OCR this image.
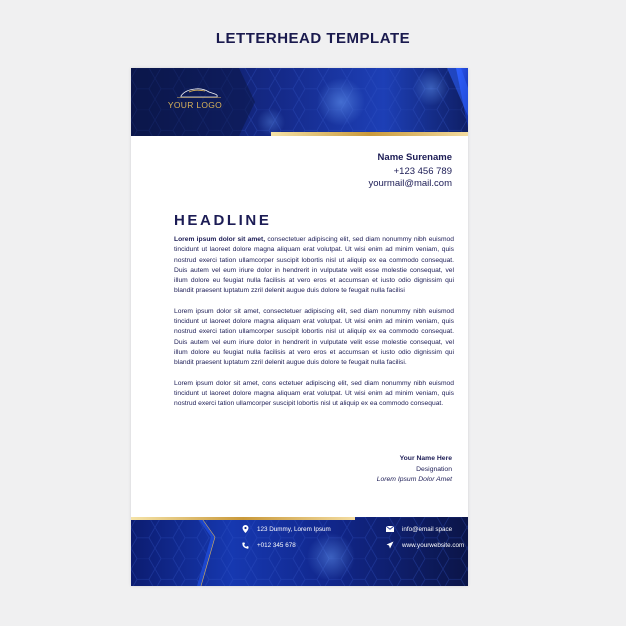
LETTERHEAD TEMPLATE
YOUR LOGO
Name Surename
+123 456 789
yourmail@mail.com
HEADLINE

Lorem ipsum dolor sit amet, consectetuer adipiscing elit, sed diam nonummy nibh euismod tincidunt ut laoreet dolore magna aliquam erat volutpat. Ut wisi enim ad minim veniam, quis nostrud exerci tation ullamcorper suscipit lobortis nisl ut aliquip ex ea commodo consequat. Duis autem vel eum iriure dolor in hendrerit in vulputate velit esse molestie consequat, vel illum dolore eu feugiat nulla facilisis at vero eros et accumsan et iusto odio dignissim qui blandit praesent luptatum zzril delenit augue duis dolore te feugait nulla facilisi

Lorem ipsum dolor sit amet, consectetuer adipiscing elit, sed diam nonummy nibh euismod tincidunt ut laoreet dolore magna aliquam erat volutpat. Ut wisi enim ad minim veniam, quis nostrud exerci tation ullamcorper suscipit lobortis nisl ut aliquip ex ea commodo consequat. Duis autem vel eum iriure dolor in hendrerit in vulputate velit esse molestie consequat, vel illum dolore eu feugiat nulla facilisis at vero eros et accumsan et iusto odio dignissim qui blandit praesent luptatum zzril delenit augue duis dolore te feugait nulla facilisi.

Lorem ipsum dolor sit amet, cons ectetuer adipiscing elit, sed diam nonummy nibh euismod tincidunt ut laoreet dolore magna aliquam erat volutpat. Ut wisi enim ad minim veniam, quis nostrud exerci tation ullamcorper suscipit lobortis nisl ut aliquip ex ea commodo consequat.

Your Name Here
Designation
Lorem Ipsum Dolor Amet
123 Dummy, Lorem Ipsum
+012 345 678
info@email space
www.yourwebsite.com
